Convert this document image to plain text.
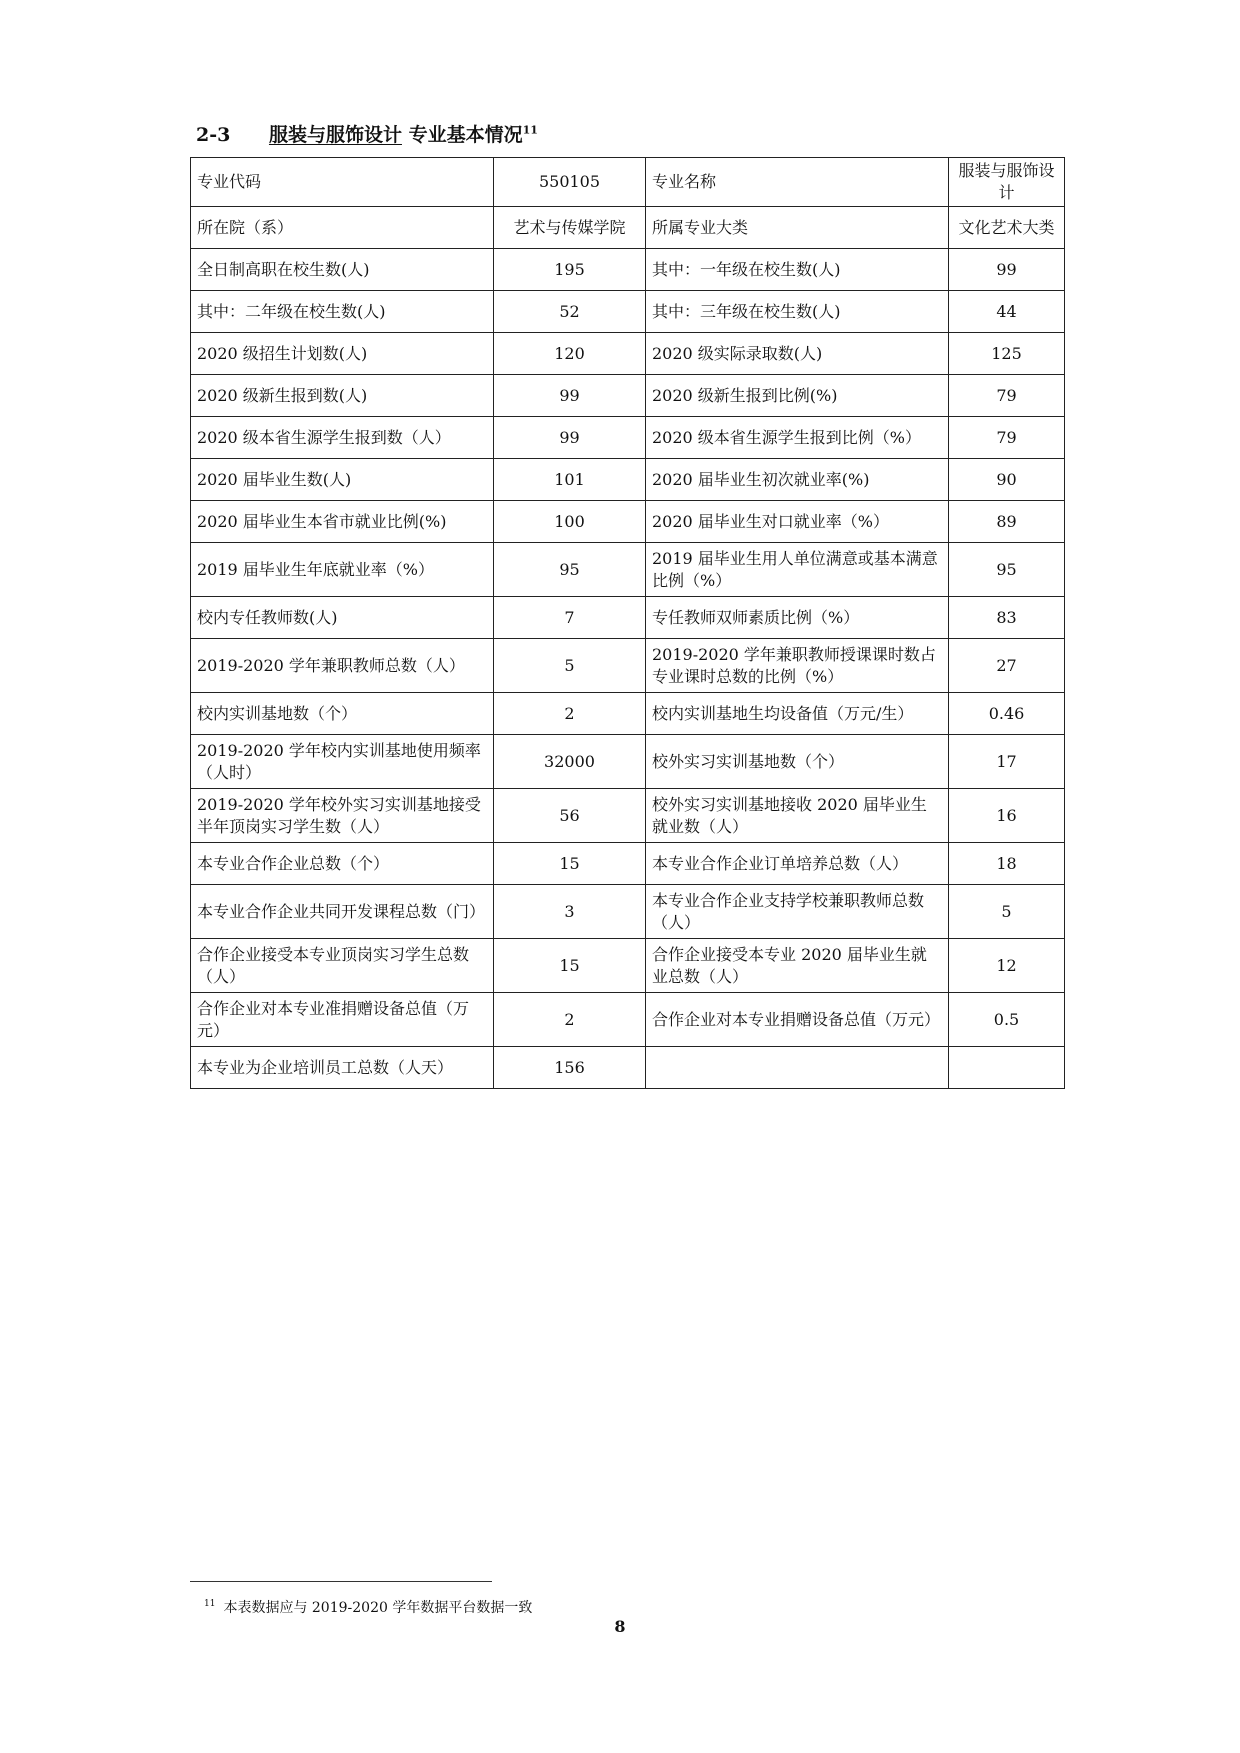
2-3 服装与服饰设计 专业基本情况$^{11}$
专业代码	550105	专业名称	服装与服饰设计
所在院（系）	艺术与传媒学院	所属专业大类	文化艺术大类
全日制高职在校生数(人)	195	其中：一年级在校生数(人)	99
其中：二年级在校生数(人)	52	其中：三年级在校生数(人)	44
2020 级招生计划数(人)	120	2020 级实际录取数(人)	125
2020 级新生报到数(人)	99	2020 级新生报到比例(%)	79
2020 级本省生源学生报到数（人）	99	2020 级本省生源学生报到比例（%）	79
2020 届毕业生数(人)	101	2020 届毕业生初次就业率(%)	90
2020 届毕业生本省市就业比例(%)	100	2020 届毕业生对口就业率（%）	89
2019 届毕业生年底就业率（%）	95	2019 届毕业生用人单位满意或基本满意比例（%）	95
校内专任教师数(人)	7	专任教师双师素质比例（%）	83
2019-2020 学年兼职教师总数（人）	5	2019-2020 学年兼职教师授课课时数占专业课时总数的比例（%）	27
校内实训基地数（个）	2	校内实训基地生均设备值（万元/生）	0.46
2019-2020 学年校内实训基地使用频率（人时）	32000	校外实习实训基地数（个）	17
2019-2020 学年校外实习实训基地接受半年顶岗实习学生数（人）	56	校外实习实训基地接收 2020 届毕业生就业数（人）	16
本专业合作企业总数（个）	15	本专业合作企业订单培养总数（人）	18
本专业合作企业共同开发课程总数（门）	3	本专业合作企业支持学校兼职教师总数（人）	5
合作企业接受本专业顶岗实习学生总数（人）	15	合作企业接受本专业 2020 届毕业生就业总数（人）	12
合作企业对本专业准捐赠设备总值（万元）	2	合作企业对本专业捐赠设备总值（万元）	0.5
本专业为企业培训员工总数（人天）	156		
$^{11}$ 本表数据应与 2019-2020 学年数据平台数据一致
8
